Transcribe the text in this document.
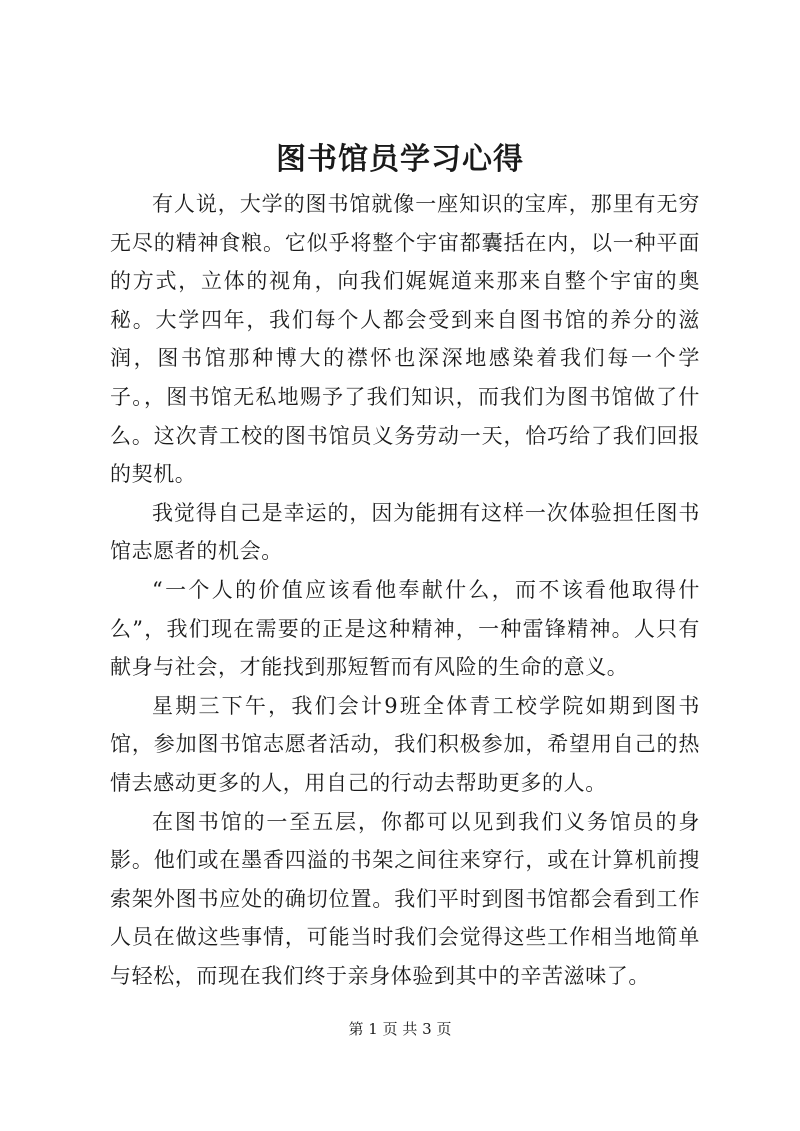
图书馆员学习心得

有人说，大学的图书馆就像一座知识的宝库，那里有无穷无尽的精神食粮。它似乎将整个宇宙都囊括在内，以一种平面的方式，立体的视角，向我们娓娓道来那来自整个宇宙的奥秘。大学四年，我们每个人都会受到来自图书馆的养分的滋润，图书馆那种博大的襟怀也深深地感染着我们每一个学子。，图书馆无私地赐予了我们知识，而我们为图书馆做了什么。这次青工校的图书馆员义务劳动一天，恰巧给了我们回报的契机。

我觉得自己是幸运的，因为能拥有这样一次体验担任图书馆志愿者的机会。

“一个人的价值应该看他奉献什么，而不该看他取得什么”，我们现在需要的正是这种精神，一种雷锋精神。人只有献身与社会，才能找到那短暂而有风险的生命的意义。

星期三下午，我们会计9班全体青工校学院如期到图书馆，参加图书馆志愿者活动，我们积极参加，希望用自己的热情去感动更多的人，用自己的行动去帮助更多的人。

在图书馆的一至五层，你都可以见到我们义务馆员的身影。他们或在墨香四溢的书架之间往来穿行，或在计算机前搜索架外图书应处的确切位置。我们平时到图书馆都会看到工作人员在做这些事情，可能当时我们会觉得这些工作相当地简单与轻松，而现在我们终于亲身体验到其中的辛苦滋味了。

第 1 页 共 3 页
